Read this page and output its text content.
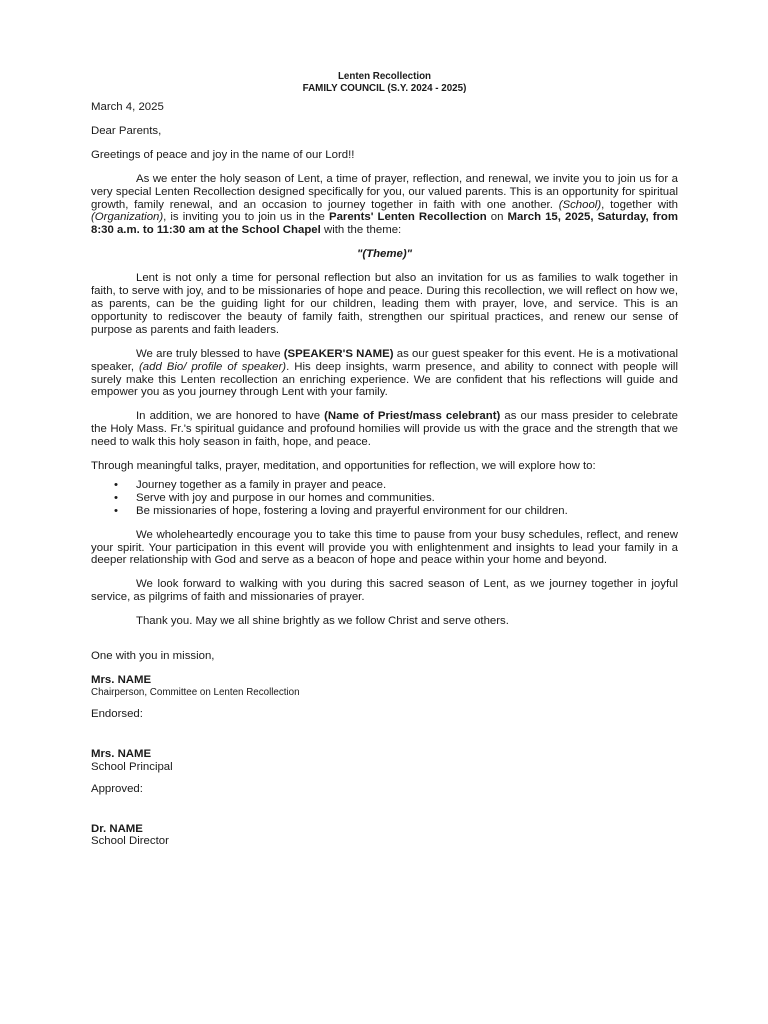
Lenten Recollection
FAMILY COUNCIL (S.Y. 2024 - 2025)

March 4, 2025

Dear Parents,

Greetings of peace and joy in the name of our Lord!!

As we enter the holy season of Lent, a time of prayer, reflection, and renewal, we invite you to join us for a very special Lenten Recollection designed specifically for you, our valued parents. This is an opportunity for spiritual growth, family renewal, and an occasion to journey together in faith with one another. (School), together with (Organization), is inviting you to join us in the Parents' Lenten Recollection on March 15, 2025, Saturday, from 8:30 a.m. to 11:30 am at the School Chapel with the theme:

"(Theme)"

Lent is not only a time for personal reflection but also an invitation for us as families to walk together in faith, to serve with joy, and to be missionaries of hope and peace. During this recollection, we will reflect on how we, as parents, can be the guiding light for our children, leading them with prayer, love, and service. This is an opportunity to rediscover the beauty of family faith, strengthen our spiritual practices, and renew our sense of purpose as parents and faith leaders.

We are truly blessed to have (SPEAKER'S NAME) as our guest speaker for this event. He is a motivational speaker, (add Bio/ profile of speaker). His deep insights, warm presence, and ability to connect with people will surely make this Lenten recollection an enriching experience. We are confident that his reflections will guide and empower you as you journey through Lent with your family.

In addition, we are honored to have (Name of Priest/mass celebrant) as our mass presider to celebrate the Holy Mass. Fr.'s spiritual guidance and profound homilies will provide us with the grace and the strength that we need to walk this holy season in faith, hope, and peace.

Through meaningful talks, prayer, meditation, and opportunities for reflection, we will explore how to:

• Journey together as a family in prayer and peace.
• Serve with joy and purpose in our homes and communities.
• Be missionaries of hope, fostering a loving and prayerful environment for our children.

We wholeheartedly encourage you to take this time to pause from your busy schedules, reflect, and renew your spirit. Your participation in this event will provide you with enlightenment and insights to lead your family in a deeper relationship with God and serve as a beacon of hope and peace within your home and beyond.

We look forward to walking with you during this sacred season of Lent, as we journey together in joyful service, as pilgrims of faith and missionaries of prayer.

Thank you. May we all shine brightly as we follow Christ and serve others.

One with you in mission,

Mrs. NAME
Chairperson, Committee on Lenten Recollection

Endorsed:

Mrs. NAME
School Principal

Approved:

Dr. NAME
School Director
